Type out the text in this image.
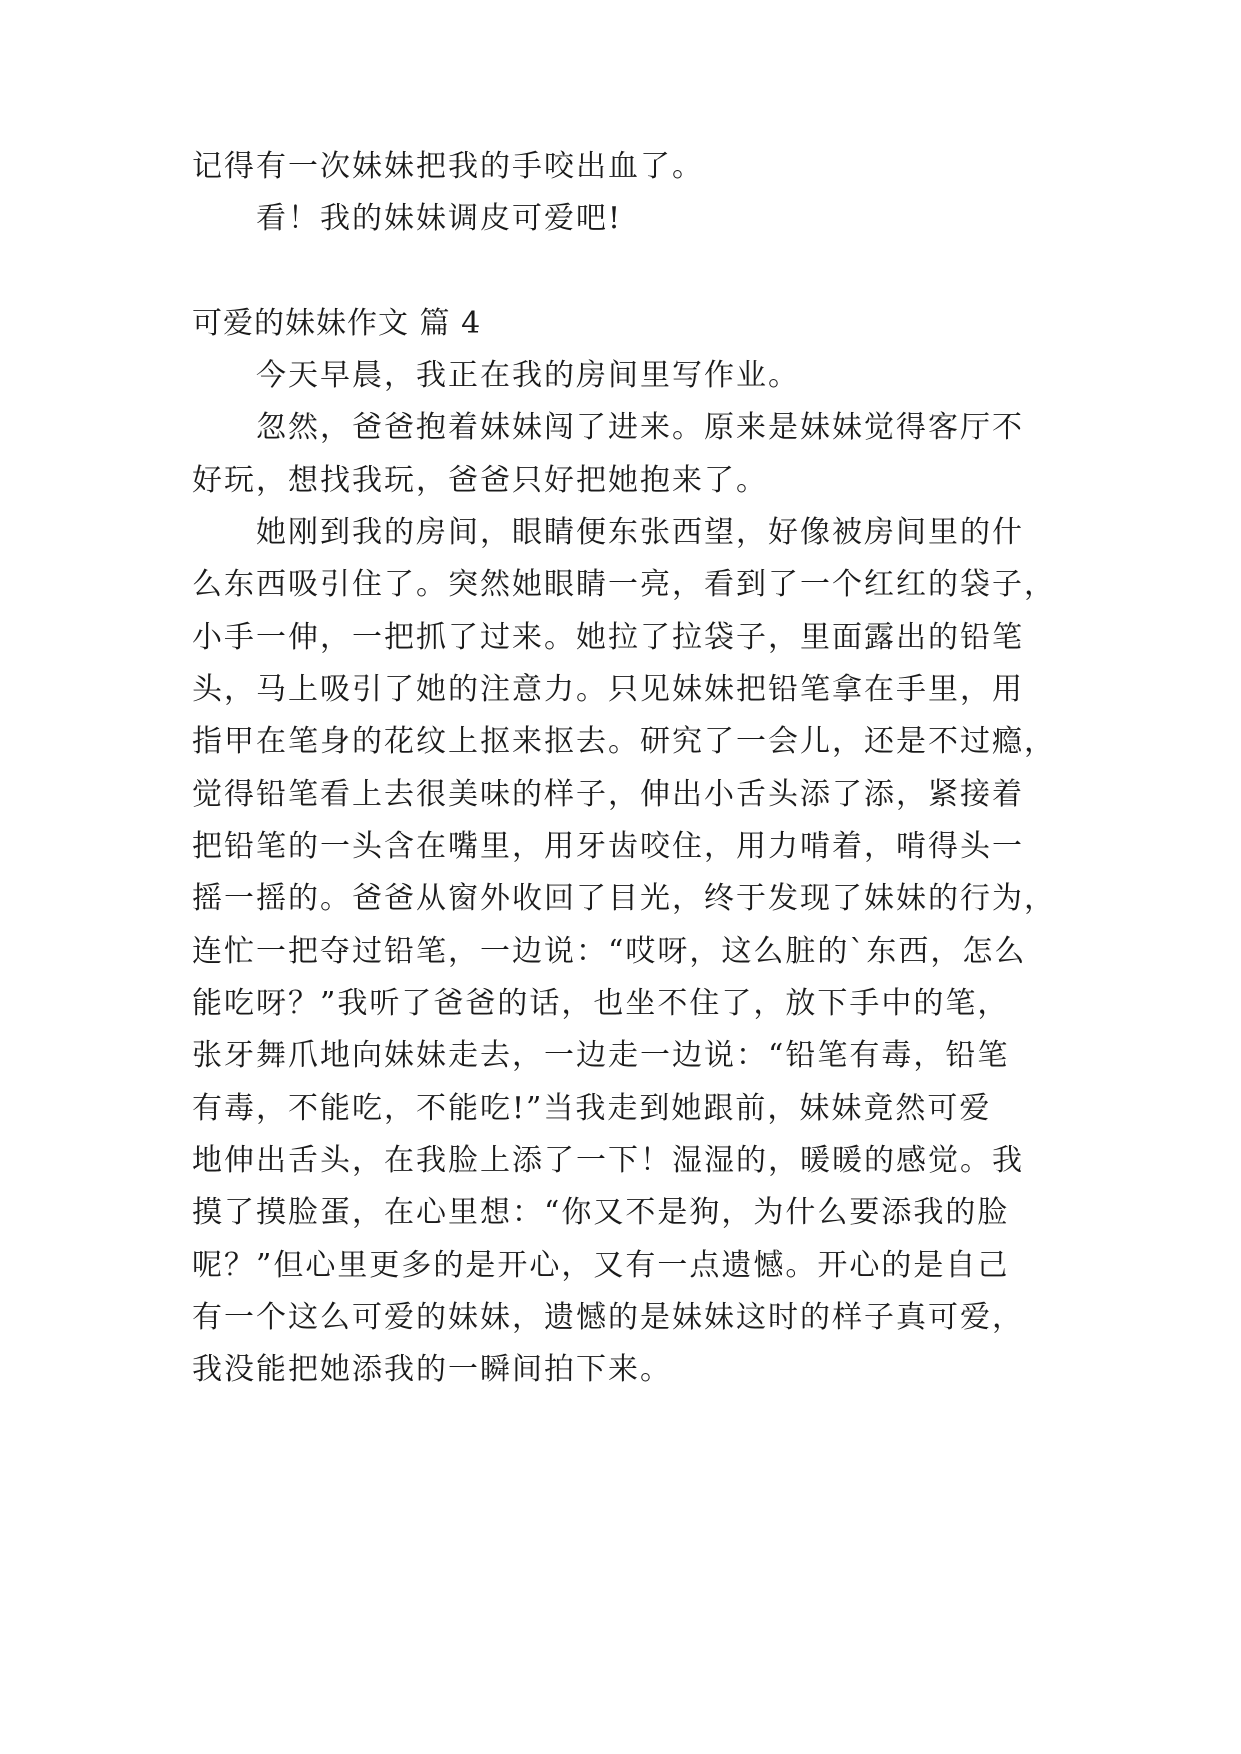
记得有一次妹妹把我的手咬出血了。
看！我的妹妹调皮可爱吧!
可爱的妹妹作文 篇 4
今天早晨，我正在我的房间里写作业。
忽然，爸爸抱着妹妹闯了进来。原来是妹妹觉得客厅不
好玩，想找我玩，爸爸只好把她抱来了。
她刚到我的房间，眼睛便东张西望，好像被房间里的什
么东西吸引住了。突然她眼睛一亮，看到了一个红红的袋子，
小手一伸，一把抓了过来。她拉了拉袋子，里面露出的铅笔
头，马上吸引了她的注意力。只见妹妹把铅笔拿在手里，用
指甲在笔身的花纹上抠来抠去。研究了一会儿，还是不过瘾，
觉得铅笔看上去很美味的样子，伸出小舌头添了添，紧接着
把铅笔的一头含在嘴里，用牙齿咬住，用力啃着，啃得头一
摇一摇的。爸爸从窗外收回了目光，终于发现了妹妹的行为，
连忙一把夺过铅笔，一边说：“哎呀，这么脏的`东西，怎么
能吃呀？”我听了爸爸的话，也坐不住了，放下手中的笔，
张牙舞爪地向妹妹走去，一边走一边说：“铅笔有毒，铅笔
有毒，不能吃，不能吃!”当我走到她跟前，妹妹竟然可爱
地伸出舌头，在我脸上添了一下！湿湿的，暖暖的感觉。我
摸了摸脸蛋，在心里想：“你又不是狗，为什么要添我的脸
呢？”但心里更多的是开心，又有一点遗憾。开心的是自己
有一个这么可爱的妹妹，遗憾的是妹妹这时的样子真可爱，
我没能把她添我的一瞬间拍下来。
